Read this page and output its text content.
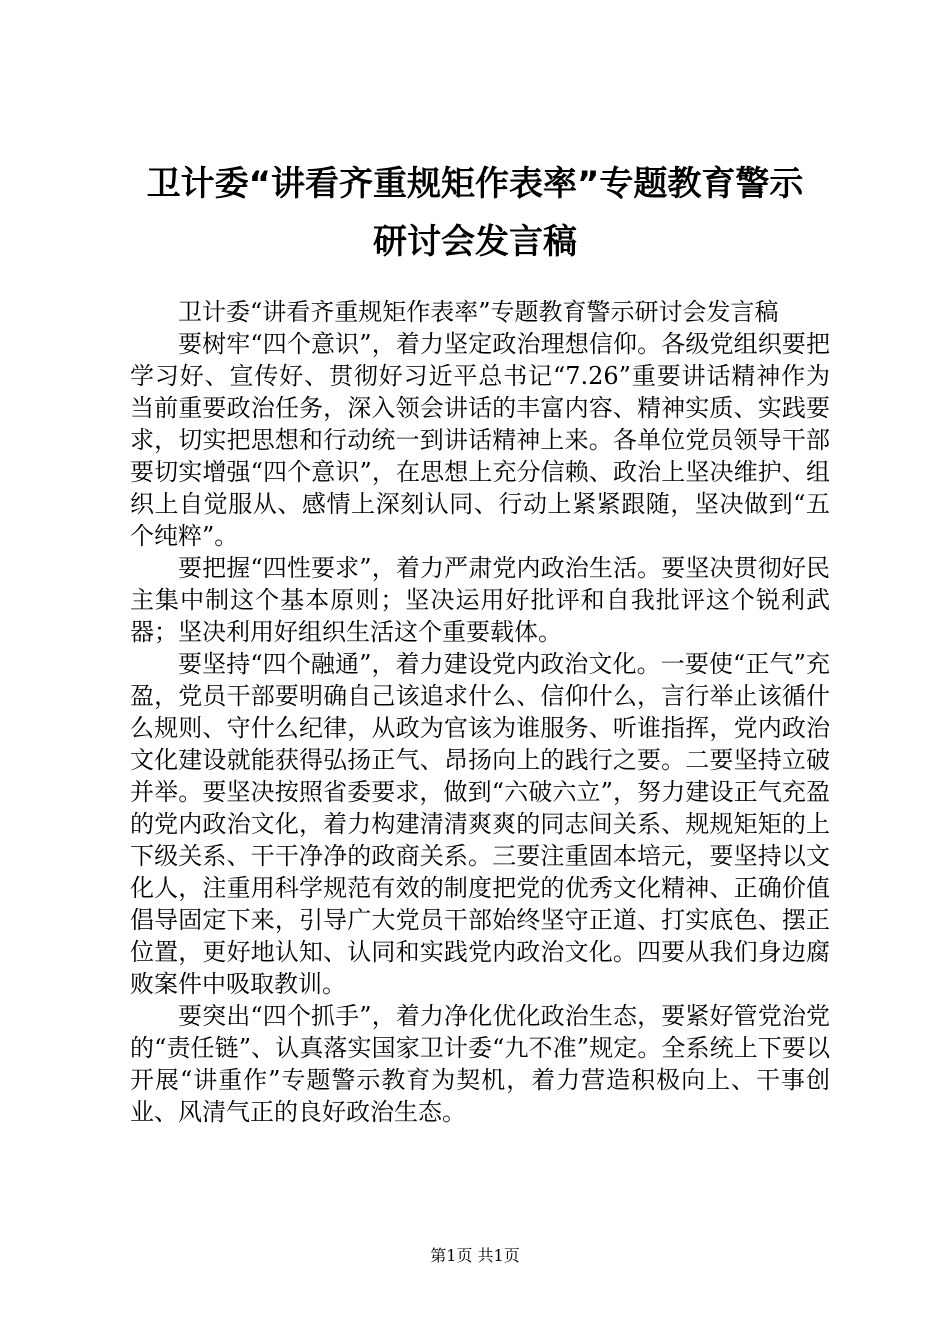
卫计委“讲看齐重规矩作表率”专题教育警示
研讨会发言稿

卫计委“讲看齐重规矩作表率”专题教育警示研讨会发言稿

要树牢“四个意识”，着力坚定政治理想信仰。各级党组织要把学习好、宣传好、贯彻好习近平总书记“7.26”重要讲话精神作为当前重要政治任务，深入领会讲话的丰富内容、精神实质、实践要求，切实把思想和行动统一到讲话精神上来。各单位党员领导干部要切实增强“四个意识”，在思想上充分信赖、政治上坚决维护、组织上自觉服从、感情上深刻认同、行动上紧紧跟随，坚决做到“五个纯粹”。

要把握“四性要求”，着力严肃党内政治生活。要坚决贯彻好民主集中制这个基本原则；坚决运用好批评和自我批评这个锐利武器；坚决利用好组织生活这个重要载体。

要坚持“四个融通”，着力建设党内政治文化。一要使“正气”充盈，党员干部要明确自己该追求什么、信仰什么，言行举止该循什么规则、守什么纪律，从政为官该为谁服务、听谁指挥，党内政治文化建设就能获得弘扬正气、昂扬向上的践行之要。二要坚持立破并举。要坚决按照省委要求，做到“六破六立”，努力建设正气充盈的党内政治文化，着力构建清清爽爽的同志间关系、规规矩矩的上下级关系、干干净净的政商关系。三要注重固本培元，要坚持以文化人，注重用科学规范有效的制度把党的优秀文化精神、正确价值倡导固定下来，引导广大党员干部始终坚守正道、打实底色、摆正位置，更好地认知、认同和实践党内政治文化。四要从我们身边腐败案件中吸取教训。

要突出“四个抓手”，着力净化优化政治生态，要紧好管党治党的“责任链”、认真落实国家卫计委“九不准”规定。全系统上下要以开展“讲重作”专题警示教育为契机，着力营造积极向上、干事创业、风清气正的良好政治生态。

第1页 共1页
